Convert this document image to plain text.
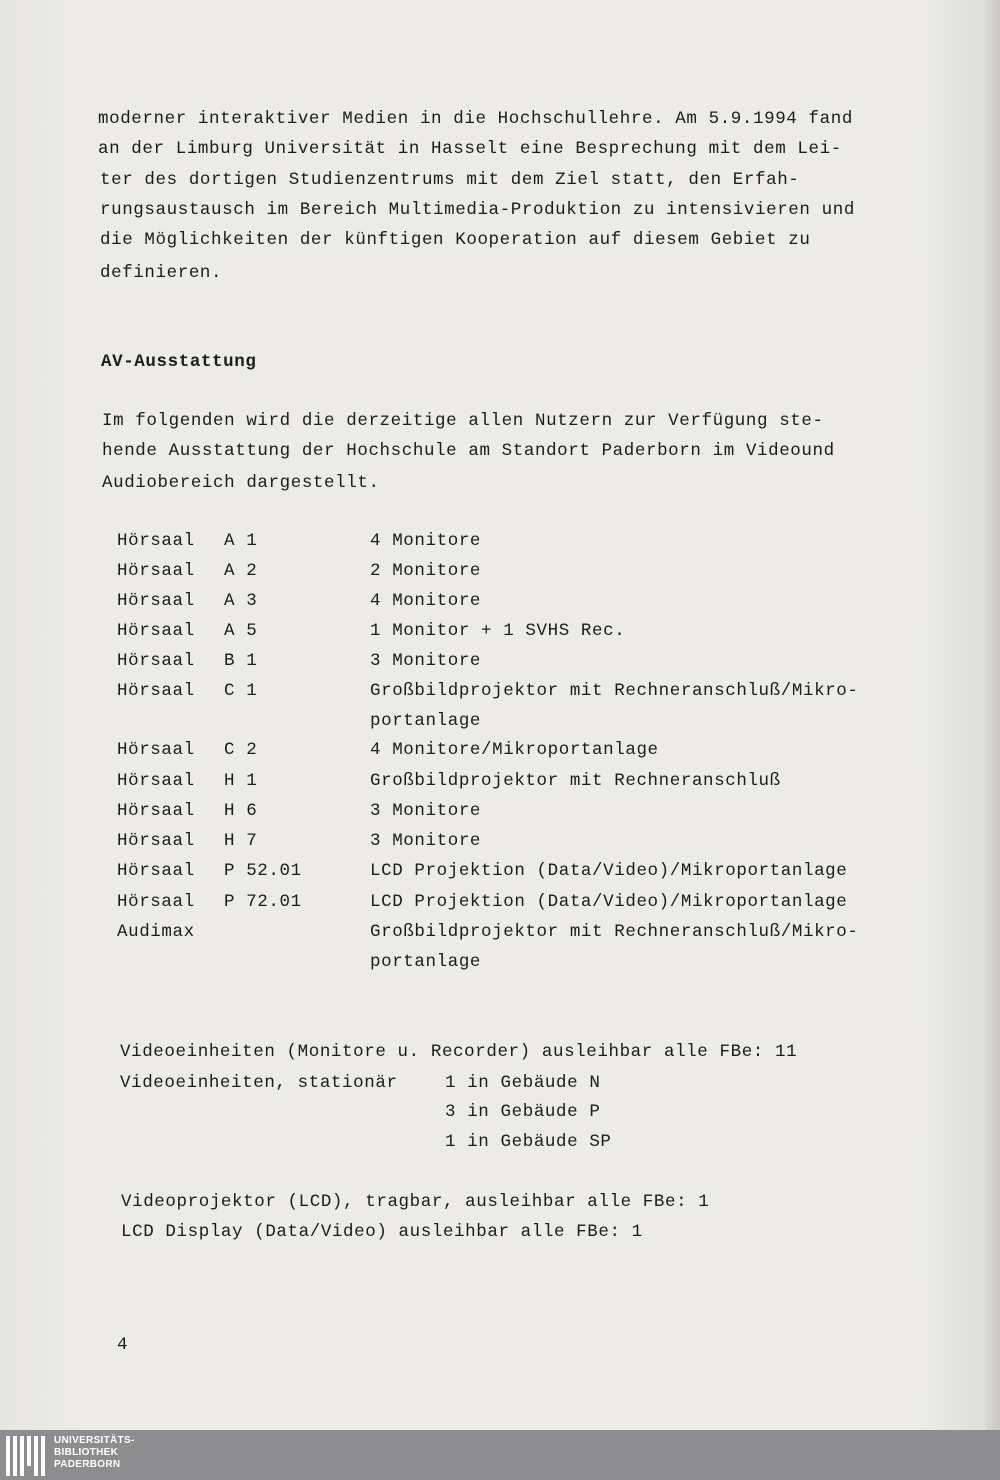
moderner interaktiver Medien in die Hochschullehre. Am 5.9.1994 fand
an der Limburg Universität in Hasselt eine Besprechung mit dem Lei-
ter des dortigen Studienzentrums mit dem Ziel statt, den Erfah-
rungsaustausch im Bereich Multimedia-Produktion zu intensivieren und
die Möglichkeiten der künftigen Kooperation auf diesem Gebiet zu
definieren.
AV-Ausstattung
Im folgenden wird die derzeitige allen Nutzern zur Verfügung ste-
hende Ausstattung der Hochschule am Standort Paderborn im Videound
Audiobereich dargestellt.
Hörsaal A 1	4 Monitore
Hörsaal A 2	2 Monitore
Hörsaal A 3	4 Monitore
Hörsaal A 5	1 Monitor + 1 SVHS Rec.
Hörsaal B 1	3 Monitore
Hörsaal C 1	Großbildprojektor mit Rechneranschluß/Mikro-
portanlage
Hörsaal C 2	4 Monitore/Mikroportanlage
Hörsaal H 1	Großbildprojektor mit Rechneranschluß
Hörsaal H 6	3 Monitore
Hörsaal H 7	3 Monitore
Hörsaal P 52.01	LCD Projektion (Data/Video)/Mikroportanlage
Hörsaal P 72.01	LCD Projektion (Data/Video)/Mikroportanlage
Audimax	Großbildprojektor mit Rechneranschluß/Mikro-
portanlage
Videoeinheiten (Monitore u. Recorder) ausleihbar alle FBe: 11
Videoeinheiten, stationär	1 in Gebäude N
3 in Gebäude P
1 in Gebäude SP
Videoprojektor (LCD), tragbar, ausleihbar alle FBe: 1
LCD Display (Data/Video) ausleihbar alle FBe: 1
4
UNIVERSITÄTS-
BIBLIOTHEK
PADERBORN
